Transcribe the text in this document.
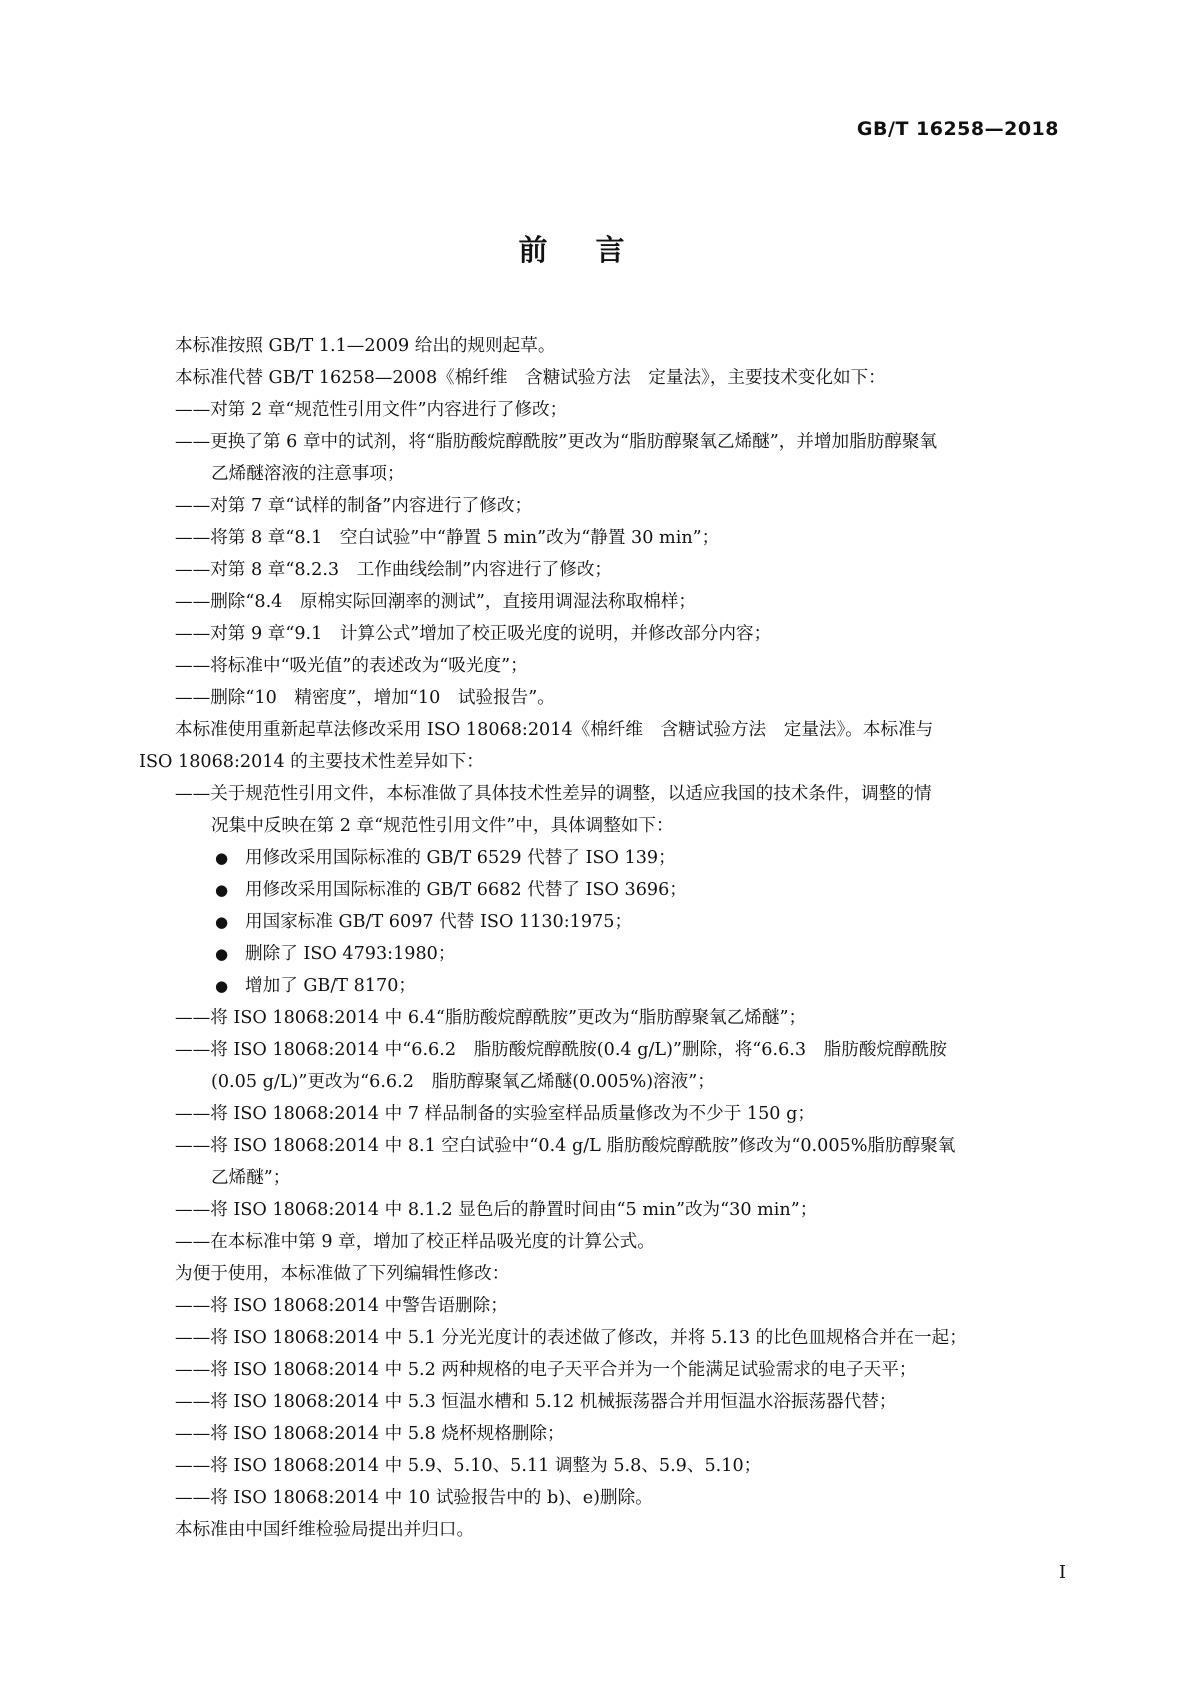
GB/T 16258—2018
前言
本标准按照 GB/T 1.1—2009 给出的规则起草。
本标准代替 GB/T 16258—2008《棉纤维　含糖试验方法　定量法》，主要技术变化如下：
——对第 2 章“规范性引用文件”内容进行了修改；
——更换了第 6 章中的试剂，将“脂肪酸烷醇酰胺”更改为“脂肪醇聚氧乙烯醚”，并增加脂肪醇聚氧
乙烯醚溶液的注意事项；
——对第 7 章“试样的制备”内容进行了修改；
——将第 8 章“8.1　空白试验”中“静置 5 min”改为“静置 30 min”；
——对第 8 章“8.2.3　工作曲线绘制”内容进行了修改；
——删除“8.4　原棉实际回潮率的测试”，直接用调湿法称取棉样；
——对第 9 章“9.1　计算公式”增加了校正吸光度的说明，并修改部分内容；
——将标准中“吸光值”的表述改为“吸光度”；
——删除“10　精密度”，增加“10　试验报告”。
本标准使用重新起草法修改采用 ISO 18068:2014《棉纤维　含糖试验方法　定量法》。本标准与
ISO 18068:2014 的主要技术性差异如下：
——关于规范性引用文件，本标准做了具体技术性差异的调整，以适应我国的技术条件，调整的情
况集中反映在第 2 章“规范性引用文件”中，具体调整如下：
● 用修改采用国际标准的 GB/T 6529 代替了 ISO 139；
● 用修改采用国际标准的 GB/T 6682 代替了 ISO 3696；
● 用国家标准 GB/T 6097 代替 ISO 1130:1975；
● 删除了 ISO 4793:1980；
● 增加了 GB/T 8170；
——将 ISO 18068:2014 中 6.4“脂肪酸烷醇酰胺”更改为“脂肪醇聚氧乙烯醚”；
——将 ISO 18068:2014 中“6.6.2　脂肪酸烷醇酰胺(0.4 g/L)”删除，将“6.6.3　脂肪酸烷醇酰胺
(0.05 g/L)”更改为“6.6.2　脂肪醇聚氧乙烯醚(0.005%)溶液”；
——将 ISO 18068:2014 中 7 样品制备的实验室样品质量修改为不少于 150 g；
——将 ISO 18068:2014 中 8.1 空白试验中“0.4 g/L 脂肪酸烷醇酰胺”修改为“0.005%脂肪醇聚氧
乙烯醚”；
——将 ISO 18068:2014 中 8.1.2 显色后的静置时间由“5 min”改为“30 min”；
——在本标准中第 9 章，增加了校正样品吸光度的计算公式。
为便于使用，本标准做了下列编辑性修改：
——将 ISO 18068:2014 中警告语删除；
——将 ISO 18068:2014 中 5.1 分光光度计的表述做了修改，并将 5.13 的比色皿规格合并在一起；
——将 ISO 18068:2014 中 5.2 两种规格的电子天平合并为一个能满足试验需求的电子天平；
——将 ISO 18068:2014 中 5.3 恒温水槽和 5.12 机械振荡器合并用恒温水浴振荡器代替；
——将 ISO 18068:2014 中 5.8 烧杯规格删除；
——将 ISO 18068:2014 中 5.9、5.10、5.11 调整为 5.8、5.9、5.10；
——将 ISO 18068:2014 中 10 试验报告中的 b)、e)删除。
本标准由中国纤维检验局提出并归口。
I
